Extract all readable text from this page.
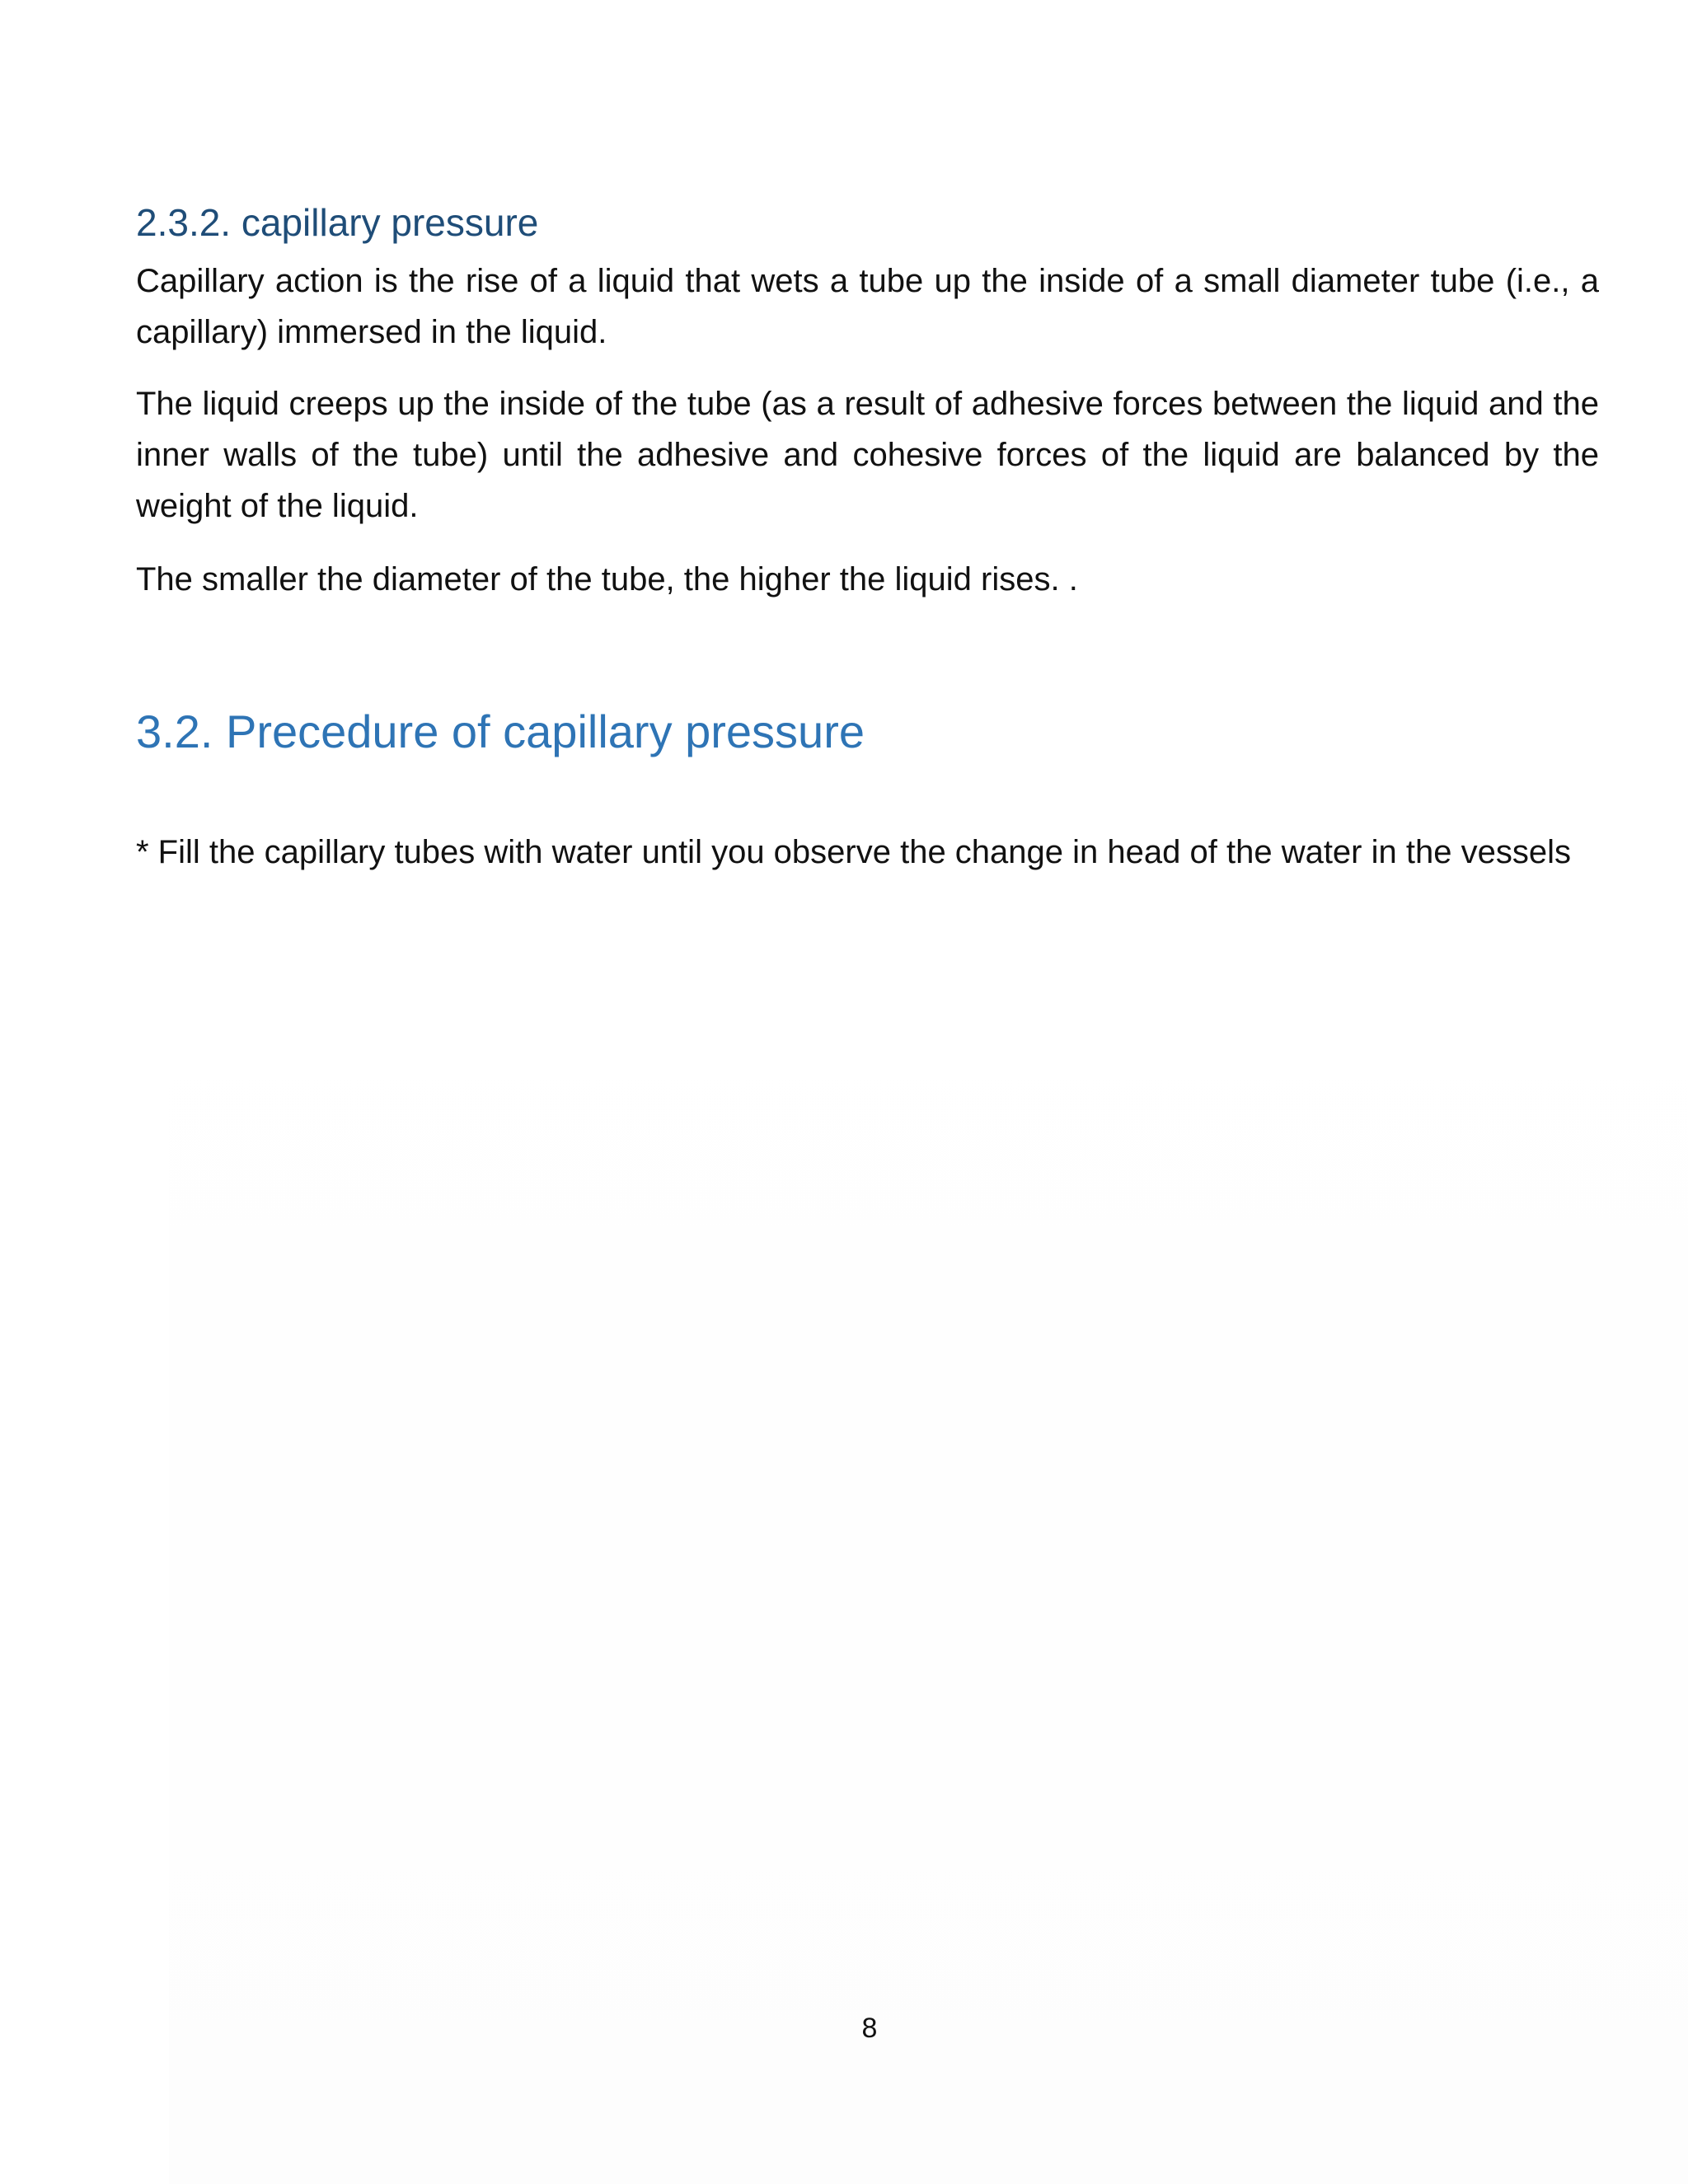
2.3.2. capillary pressure

Capillary action is the rise of a liquid that wets a tube up the inside of a small diameter tube (i.e., a capillary) immersed in the liquid.

The liquid creeps up the inside of the tube (as a result of adhesive forces between the liquid and the inner walls of the tube) until the adhesive and cohesive forces of the liquid are balanced by the weight of the liquid.

The smaller the diameter of the tube, the higher the liquid rises. .

3.2. Precedure of capillary pressure

* Fill the capillary tubes with water until you observe the change in head of the water in the vessels

8
